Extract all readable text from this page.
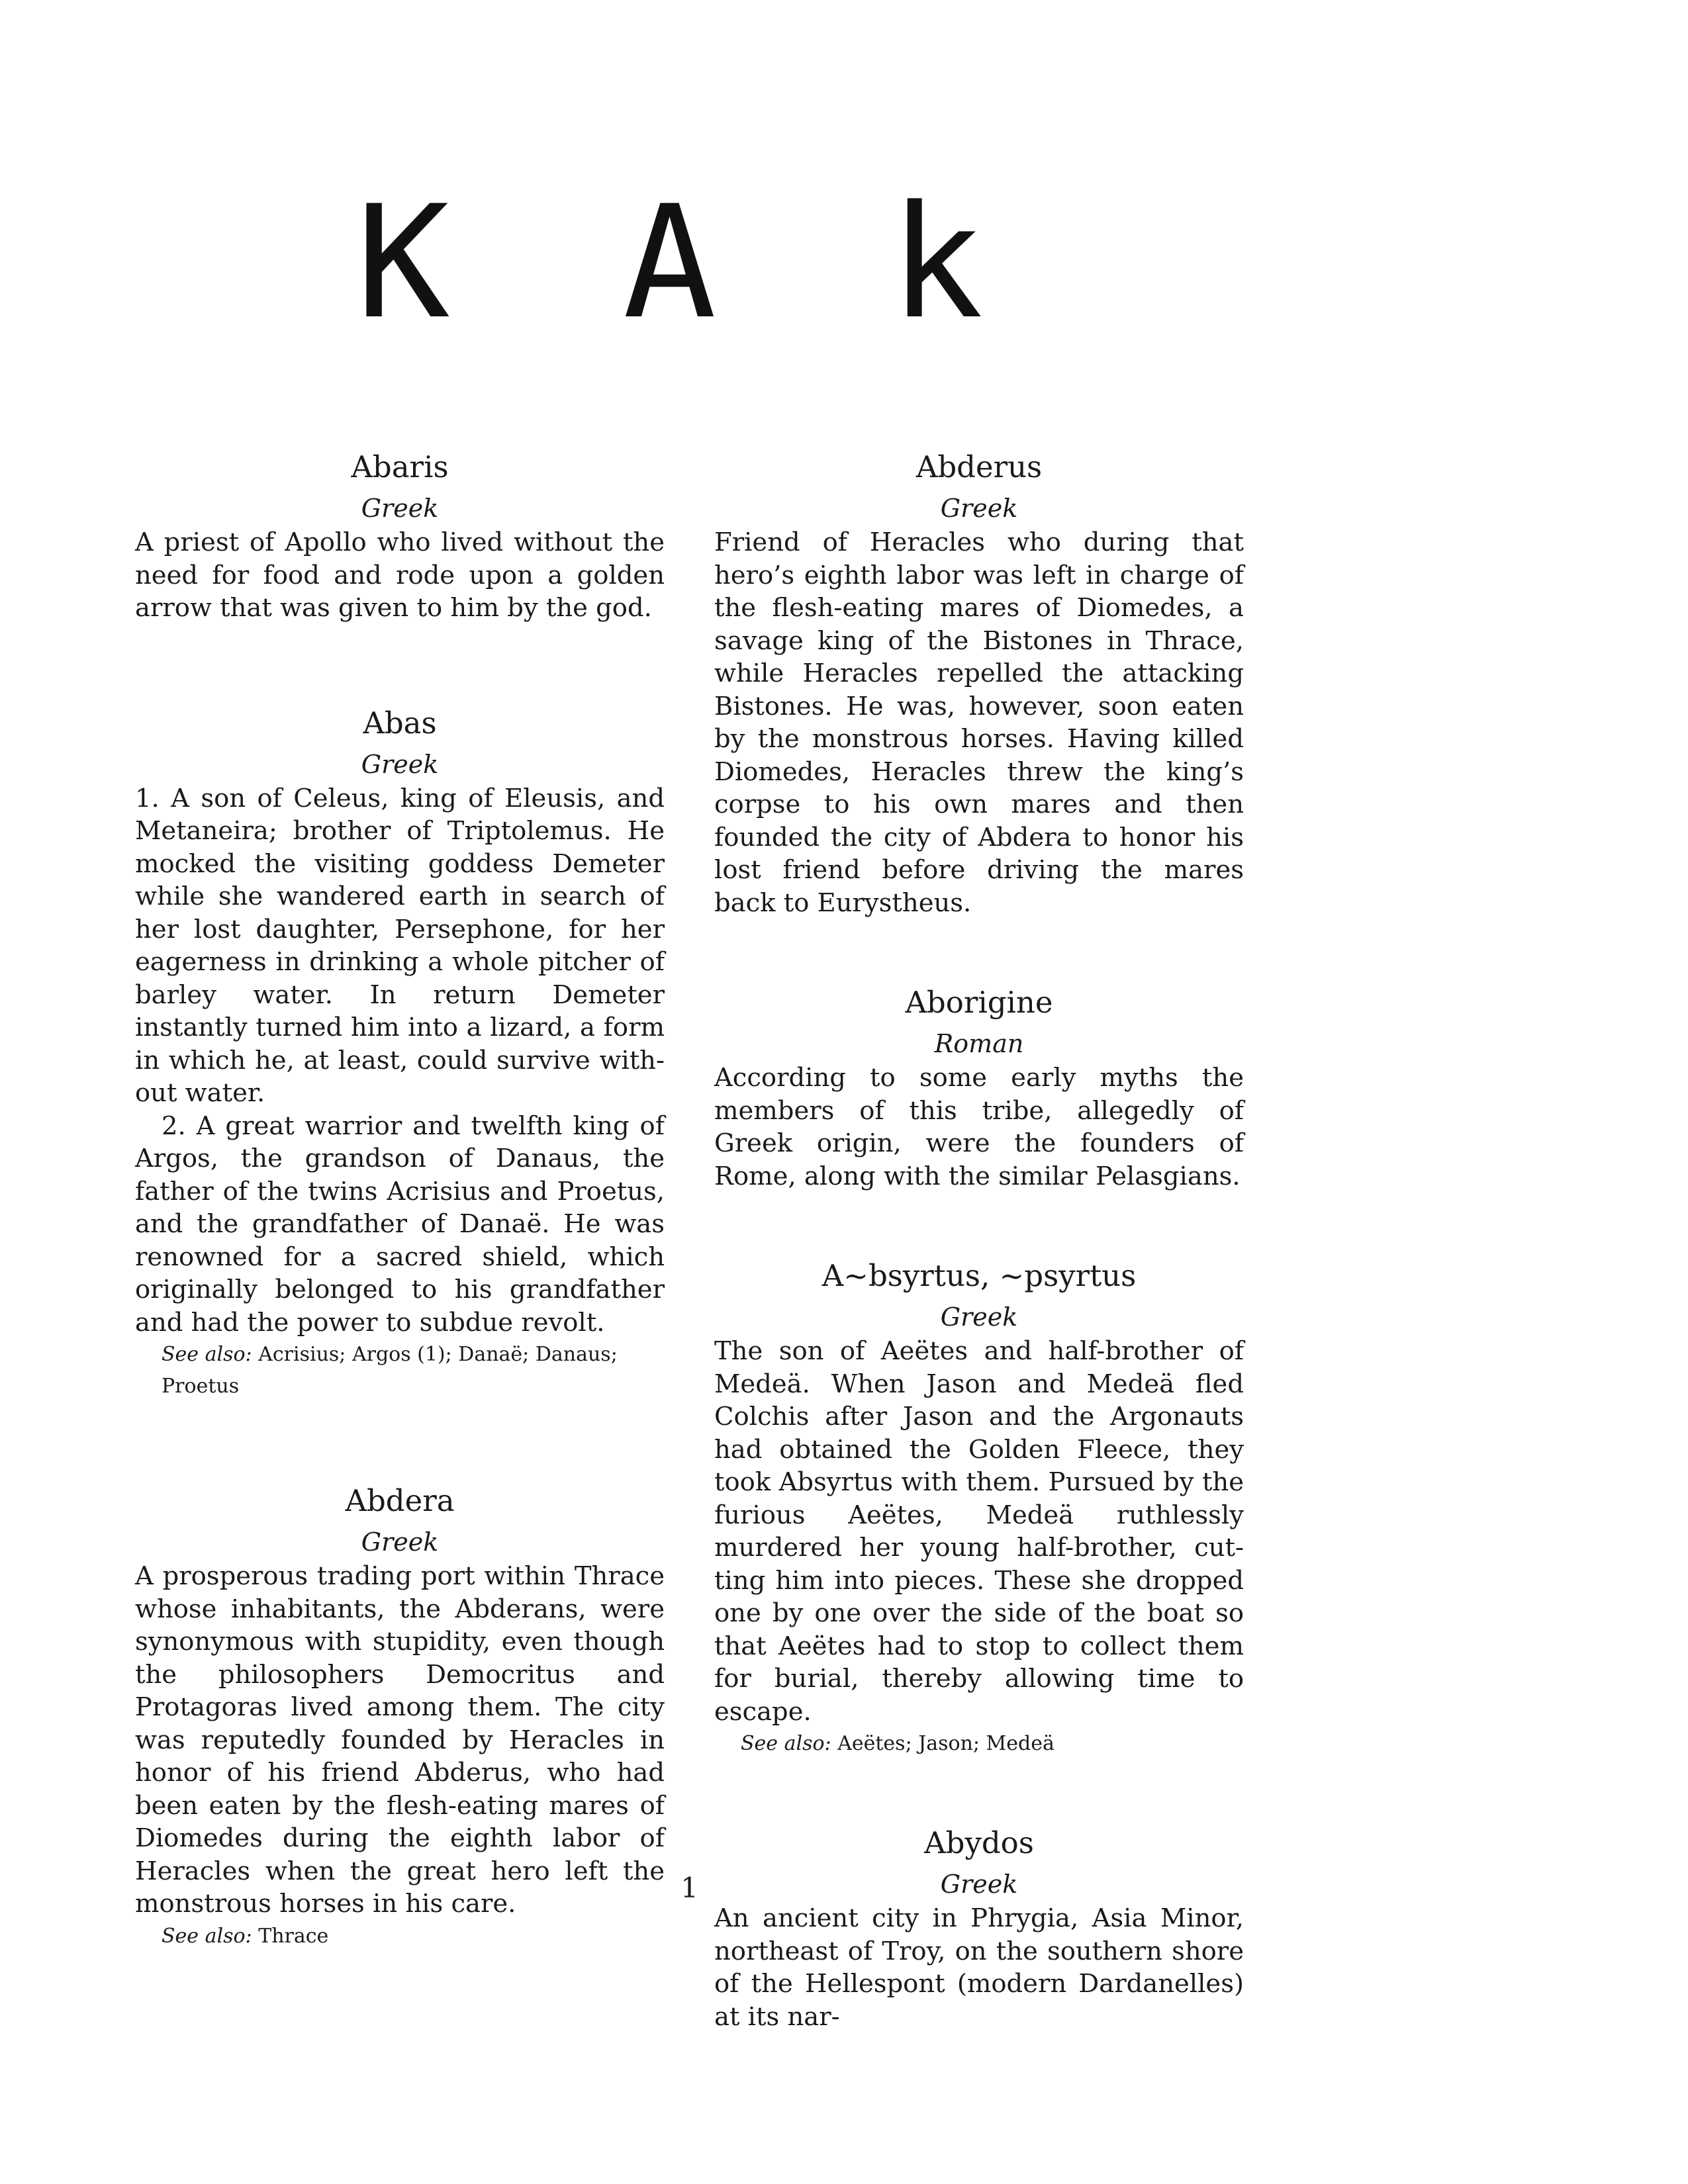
K A k
Abaris
Greek

A priest of Apollo who lived without the need for food and rode upon a golden arrow that was given to him by the god.

Abas
Greek

1. A son of Celeus, king of Eleusis, and Metaneira; brother of Triptolemus. He mocked the visiting goddess Demeter while she wandered earth in search of her lost daughter, Persephone, for her eagerness in drinking a whole pitcher of barley water. In return Demeter instantly turned him into a lizard, a form in which he, at least, could survive without water.

2. A great warrior and twelfth king of Argos, the grandson of Danaus, the father of the twins Acrisius and Proetus, and the grandfather of Danaë. He was renowned for a sacred shield, which originally belonged to his grandfather and had the power to subdue revolt.

See also: Acrisius; Argos (1); Danaë; Danaus; Proetus

Abdera
Greek

A prosperous trading port within Thrace whose inhabitants, the Abderans, were synonymous with stupidity, even though the philosophers Democritus and Protagoras lived among them. The city was reputedly founded by Heracles in honor of his friend Abderus, who had been eaten by the flesh-eating mares of Diomedes during the eighth labor of Heracles when the great hero left the monstrous horses in his care.

See also: Thrace

Abderus
Greek

Friend of Heracles who during that hero’s eighth labor was left in charge of the flesh-eating mares of Diomedes, a savage king of the Bistones in Thrace, while Heracles repelled the attacking Bistones. He was, however, soon eaten by the monstrous horses. Having killed Diomedes, Heracles threw the king’s corpse to his own mares and then founded the city of Abdera to honor his lost friend before driving the mares back to Eurystheus.

Aborigine
Roman

According to some early myths the members of this tribe, allegedly of Greek origin, were the founders of Rome, along with the similar Pelasgians.

A~bsyrtus, ~psyrtus
Greek

The son of Aeëtes and half-brother of Medeä. When Jason and Medeä fled Colchis after Jason and the Argonauts had obtained the Golden Fleece, they took Absyrtus with them. Pursued by the furious Aeëtes, Medeä ruthlessly murdered her young half-brother, cutting him into pieces. These she dropped one by one over the side of the boat so that Aeëtes had to stop to collect them for burial, thereby allowing time to escape.

See also: Aeëtes; Jason; Medeä

Abydos
Greek

An ancient city in Phrygia, Asia Minor, northeast of Troy, on the southern shore of the Hellespont (modern Dardanelles) at its nar-

1
